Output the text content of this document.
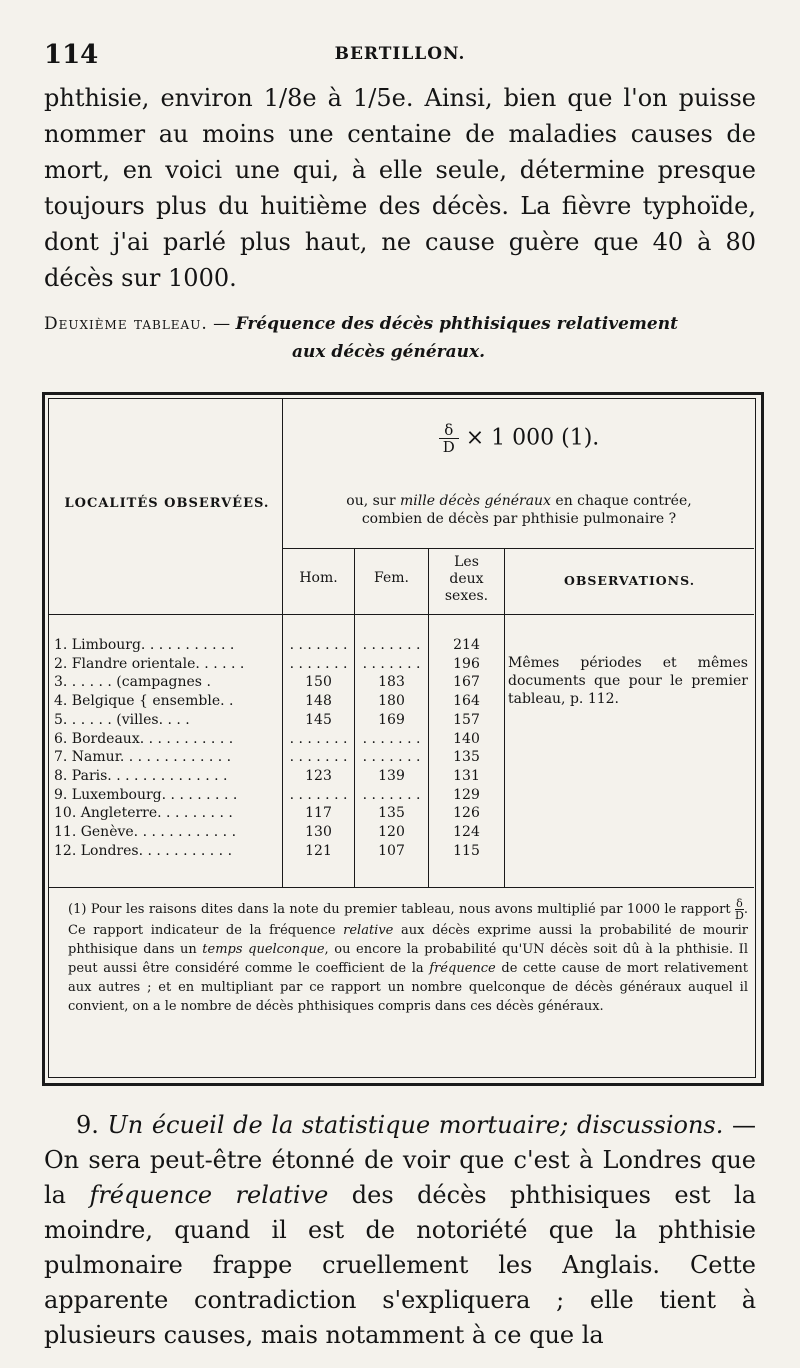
114	BERTILLON.

phthisie, environ 1/8e à 1/5e. Ainsi, bien que l'on puisse nommer au moins une centaine de maladies causes de mort, en voici une qui, à elle seule, détermine presque toujours plus du huitième des décès. La fièvre typhoïde, dont j'ai parlé plus haut, ne cause guère que 40 à 80 décès sur 1000.

Deuxième tableau. — Fréquence des décès phthisiques relativement
aux décès généraux.
LOCALITÉS OBSERVÉES.
$\frac{\delta}{D} \times 1$ 000 (1).
ou, sur mille décès généraux en chaque contrée,
combien de décès par phthisie pulmonaire ?
Hom.	Fem.
Les deux sexes.
OBSERVATIONS.
1. Limbourg. . . . . . . . . . .	. . . . . . .	. . . . . . .	214
2. Flandre orientale. . . . . .	. . . . . . .	. . . . . . .	196
3. . . . . . (campagnes .	150	183	167
4. Belgique { ensemble. .	148	180	164
5. . . . . . (villes. . . .	145	169	157
6. Bordeaux. . . . . . . . . . .	. . . . . . .	. . . . . . .	140
7. Namur. . . . . . . . . . . . .	. . . . . . .	. . . . . . .	135
8. Paris. . . . . . . . . . . . . .	123	139	131
9. Luxembourg. . . . . . . . .	. . . . . . .	. . . . . . .	129
10. Angleterre. . . . . . . . .	117	135	126
11. Genève. . . . . . . . . . . .	130	120	124
12. Londres. . . . . . . . . . .	121	107	115
Mêmes périodes et mêmes documents que pour le premier tableau, p. 112.

(1) Pour les raisons dites dans la note du premier tableau, nous avons multiplié par 1000 le rapport $\frac{\delta}{D}$ . Ce rapport indicateur de la fréquence relative aux décès exprime aussi la probabilité de mourir phthisique dans un temps quelconque, ou encore la probabilité qu'UN décès soit dû à la phthisie. Il peut aussi être considéré comme le coefficient de la fréquence de cette cause de mort relativement aux autres ; et en multipliant par ce rapport un nombre quelconque de décès généraux auquel il convient, on a le nombre de décès phthisiques compris dans ces décès généraux.

9. Un écueil de la statistique mortuaire; discussions. — On sera peut-être étonné de voir que c'est à Londres que la fréquence relative des décès phthisiques est la moindre, quand il est de notoriété que la phthisie pulmonaire frappe cruellement les Anglais. Cette apparente contradiction s'expliquera ; elle tient à plusieurs causes, mais notamment à ce que la
